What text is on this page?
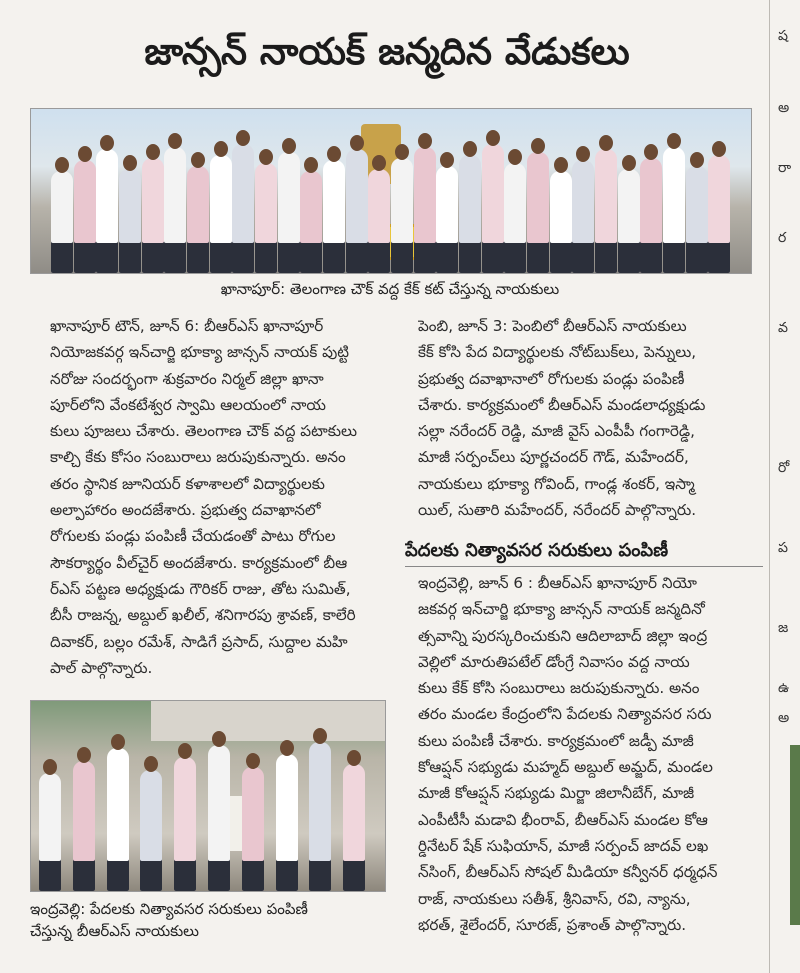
జాన్సన్ నాయక్ జన్మదిన వేడుకలు
ఖానాపూర్: తెలంగాణ చౌక్ వద్ద కేక్ కట్ చేస్తున్న నాయకులు
ఖానాపూర్ టౌన్, జూన్ 6: బీఆర్ఎస్ ఖానాపూర్
నియోజకవర్గ ఇన్‌చార్జి భూక్యా జాన్సన్ నాయక్ పుట్టి
నరోజు సందర్భంగా శుక్రవారం నిర్మల్ జిల్లా ఖానా
పూర్‌లోని వేంకటేశ్వర స్వామి ఆలయంలో నాయ
కులు పూజలు చేశారు. తెలంగాణ చౌక్ వద్ద పటాకులు
కాల్చి కేకు కోసం సంబురాలు జరుపుకున్నారు. అనం
తరం స్థానిక జూనియర్ కళాశాలలో విద్యార్థులకు
అల్పాహారం అందజేశారు. ప్రభుత్వ దవాఖానలో
రోగులకు పండ్లు పంపిణీ చేయడంతో పాటు రోగుల
సౌకర్యార్థం వీల్‌చైర్ అందజేశారు. కార్యక్రమంలో బీఆ
ర్ఎస్ పట్టణ అధ్యక్షుడు గౌరికర్ రాజు, తోట సుమిత్,
బీసీ రాజన్న, అబ్దుల్ ఖలీల్, శనిగారపు శ్రావణ్, కాలేరి
దివాకర్, బల్లం రమేశ్, సాడిగే ప్రసాద్, సుద్దాల మహి
పాల్ పాల్గొన్నారు.
పెంబి, జూన్ 3: పెంబిలో బీఆర్ఎస్ నాయకులు
కేక్ కోసి పేద విద్యార్థులకు నోట్‌బుక్‌లు, పెన్నులు,
ప్రభుత్వ దవాఖానాలో రోగులకు పండ్లు పంపిణీ
చేశారు. కార్యక్రమంలో బీఆర్ఎస్ మండలాధ్యక్షుడు
సల్లా నరేందర్ రెడ్డి, మాజీ వైస్ ఎంపీపీ గంగారెడ్డి,
మాజీ సర్పంచ్‌లు పూర్ణచందర్ గౌడ్, మహేందర్,
నాయకులు భూక్యా గోవింద్, గాండ్ల శంకర్, ఇస్మా
యిల్, సుతారి మహేందర్, నరేందర్ పాల్గొన్నారు.
పేదలకు నిత్యావసర సరుకులు పంపిణీ
ఇంద్రవెల్లి, జూన్ 6 : బీఆర్ఎస్ ఖానాపూర్ నియో
జకవర్గ ఇన్‌చార్జి భూక్యా జాన్సన్ నాయక్ జన్మదినో
త్సవాన్ని పురస్కరించుకుని ఆదిలాబాద్ జిల్లా ఇంద్ర
వెల్లిలో మారుతిపటేల్ డోంగ్రే నివాసం వద్ద నాయ
కులు కేక్ కోసి సంబురాలు జరుపుకున్నారు. అనం
తరం మండల కేంద్రంలోని పేదలకు నిత్యావసర సరు
కులు పంపిణీ చేశారు. కార్యక్రమంలో జడ్పీ మాజీ
కోఆప్షన్ సభ్యుడు మహ్మద్ అబ్దుల్ అమ్జద్, మండల
మాజీ కోఆప్షన్ సభ్యుడు మిర్జా జిలానీబేగ్, మాజీ
ఎంపీటీసీ మడావి భీంరావ్, బీఆర్ఎస్ మండల కోఆ
ర్డినేటర్ షేక్ సుఫియాన్, మాజీ సర్పంచ్ జాదవ్ లఖ
న్‌సింగ్, బీఆర్ఎస్ సోషల్ మీడియా కన్వీనర్ ధర్మధన్
రాజ్, నాయకులు సతీశ్, శ్రీనివాస్, రవి, న్యాను,
భరత్, శైలేందర్, సూరజ్, ప్రశాంత్ పాల్గొన్నారు.
ఇంద్రవెల్లి: పేదలకు నిత్యావసర సరుకులు పంపిణీ
చేస్తున్న బీఆర్ఎస్ నాయకులు
ష
అ
రా
ర
వ
రో
ప
జ
ఉ
అ
